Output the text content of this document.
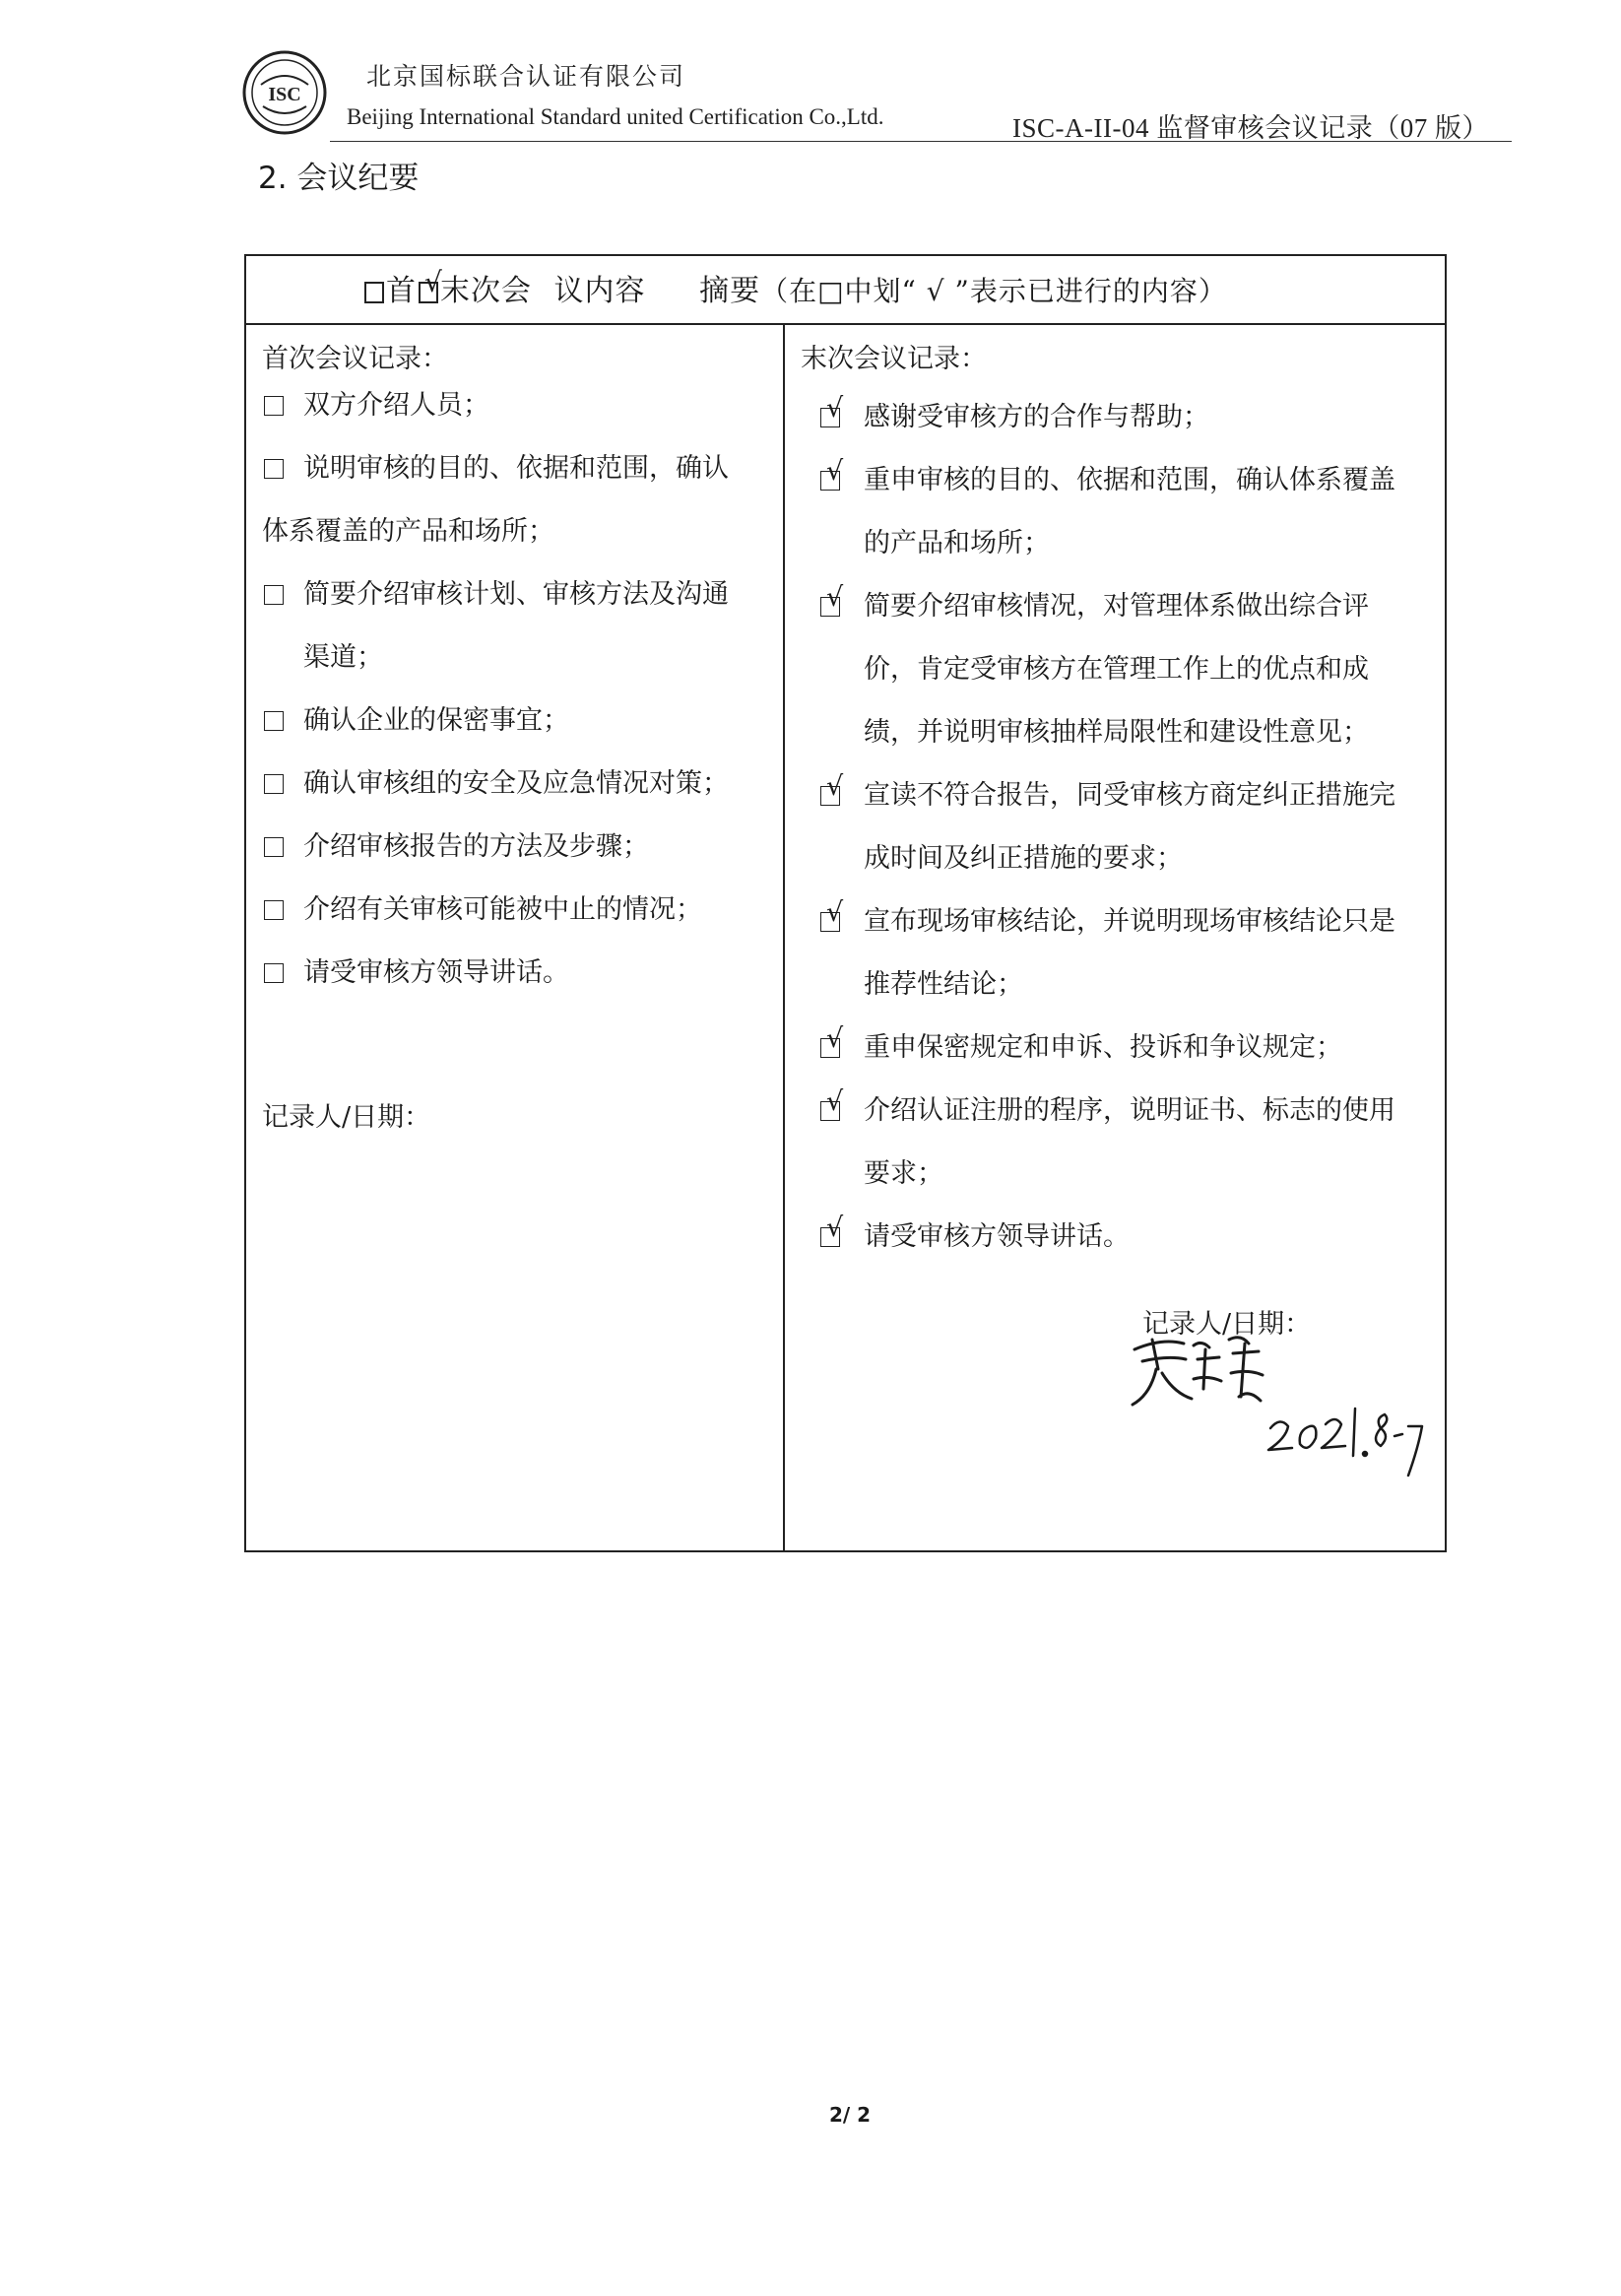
ISC
北京国标联合认证有限公司
Beijing International Standard united Certification Co.,Ltd.	ISC-A-II-04 监督审核会议记录（07 版）
2. 会议纪要
首√ 末次会 议内容 摘要（在□中划“ √ ”表示已进行的内容）
首次会议记录：	末次会议记录：
双方介绍人员；
说明审核的目的、依据和范围，确认
体系覆盖的产品和场所；
简要介绍审核计划、审核方法及沟通
渠道；
确认企业的保密事宜；
确认审核组的安全及应急情况对策；
介绍审核报告的方法及步骤；
介绍有关审核可能被中止的情况；
请受审核方领导讲话。
记录人/日期：
√
感谢受审核方的合作与帮助；
√
重申审核的目的、依据和范围，确认体系覆盖
的产品和场所；
√
简要介绍审核情况，对管理体系做出综合评
价，肯定受审核方在管理工作上的优点和成
绩，并说明审核抽样局限性和建设性意见；
√
宣读不符合报告，同受审核方商定纠正措施完
成时间及纠正措施的要求；
√
宣布现场审核结论，并说明现场审核结论只是
推荐性结论；
√
重申保密规定和申诉、投诉和争议规定；
√
介绍认证注册的程序，说明证书、标志的使用
要求；
√
请受审核方领导讲话。
记录人/日期：
2021.8.7
2/ 2
